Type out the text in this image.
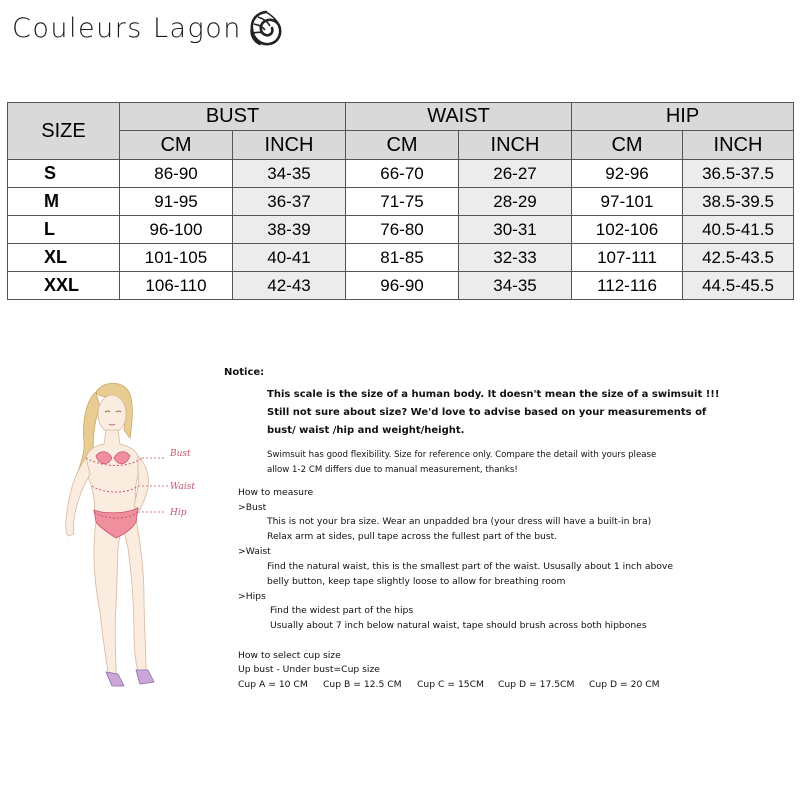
Couleurs Lagon
SIZE	BUST		WAIST		HIP	
	CM	INCH	CM	INCH	CM	INCH
S	86-90	34-35	66-70	26-27	92-96	36.5-37.5
M	91-95	36-37	71-75	28-29	97-101	38.5-39.5
L	96-100	38-39	76-80	30-31	102-106	40.5-41.5
XL	101-105	40-41	81-85	32-33	107-111	42.5-43.5
XXL	106-110	42-43	96-90	34-35	112-116	44.5-45.5
Bust
Waist
Hip
Notice:
This scale is the size of a human body. It doesn't mean the size of a swimsuit !!!
Still not sure about size? We'd love to advise based on your measurements of
bust/ waist /hip and weight/height.
Swimsuit has good flexibility. Size for reference only. Compare the detail with yours please
allow 1-2 CM differs due to manual measurement, thanks!
How to measure
>Bust
This is not your bra size. Wear an unpadded bra (your dress will have a built-in bra)
Relax arm at sides, pull tape across the fullest part of the bust.
>Waist
Find the natural waist, this is the smallest part of the waist. Ususally about 1 inch above
belly button, keep tape slightly loose to allow for breathing room
>Hips
Find the widest part of the hips
Usually about 7 inch below natural waist, tape should brush across both hipbones
How to select cup size
Up bust - Under bust=Cup size
Cup A = 10 CM Cup B = 12.5 CM Cup C = 15CM Cup D = 17.5CM Cup D = 20 CM
